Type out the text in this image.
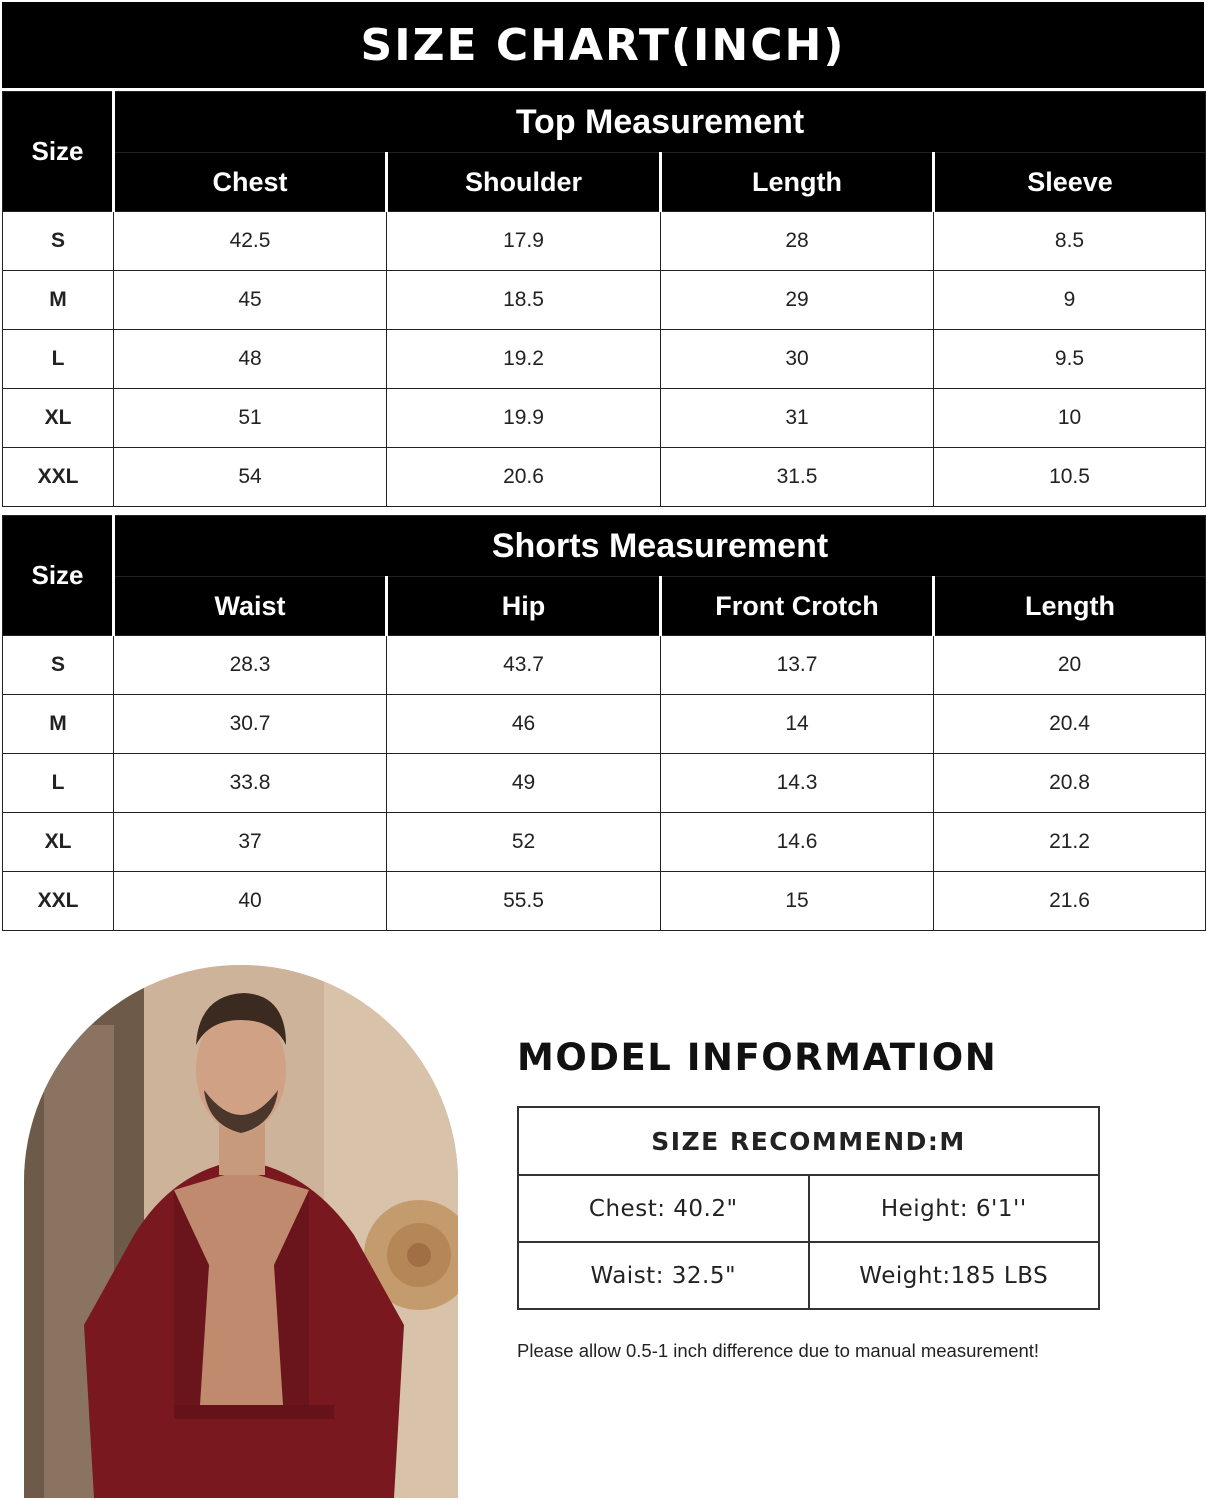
SIZE CHART(INCH)
Size	Top Measurement			
	Chest	Shoulder	Length	Sleeve
S	42.5	17.9	28	8.5
M	45	18.5	29	9
L	48	19.2	30	9.5
XL	51	19.9	31	10
XXL	54	20.6	31.5	10.5
Size	Shorts Measurement			
	Waist	Hip	Front Crotch	Length
S	28.3	43.7	13.7	20
M	30.7	46	14	20.4
L	33.8	49	14.3	20.8
XL	37	52	14.6	21.2
XXL	40	55.5	15	21.6
MODEL INFORMATION
SIZE RECOMMEND:M	
Chest: 40.2"	Height: 6'1''
Waist: 32.5"	Weight:185 LBS
Please allow 0.5-1 inch difference due to manual measurement!
